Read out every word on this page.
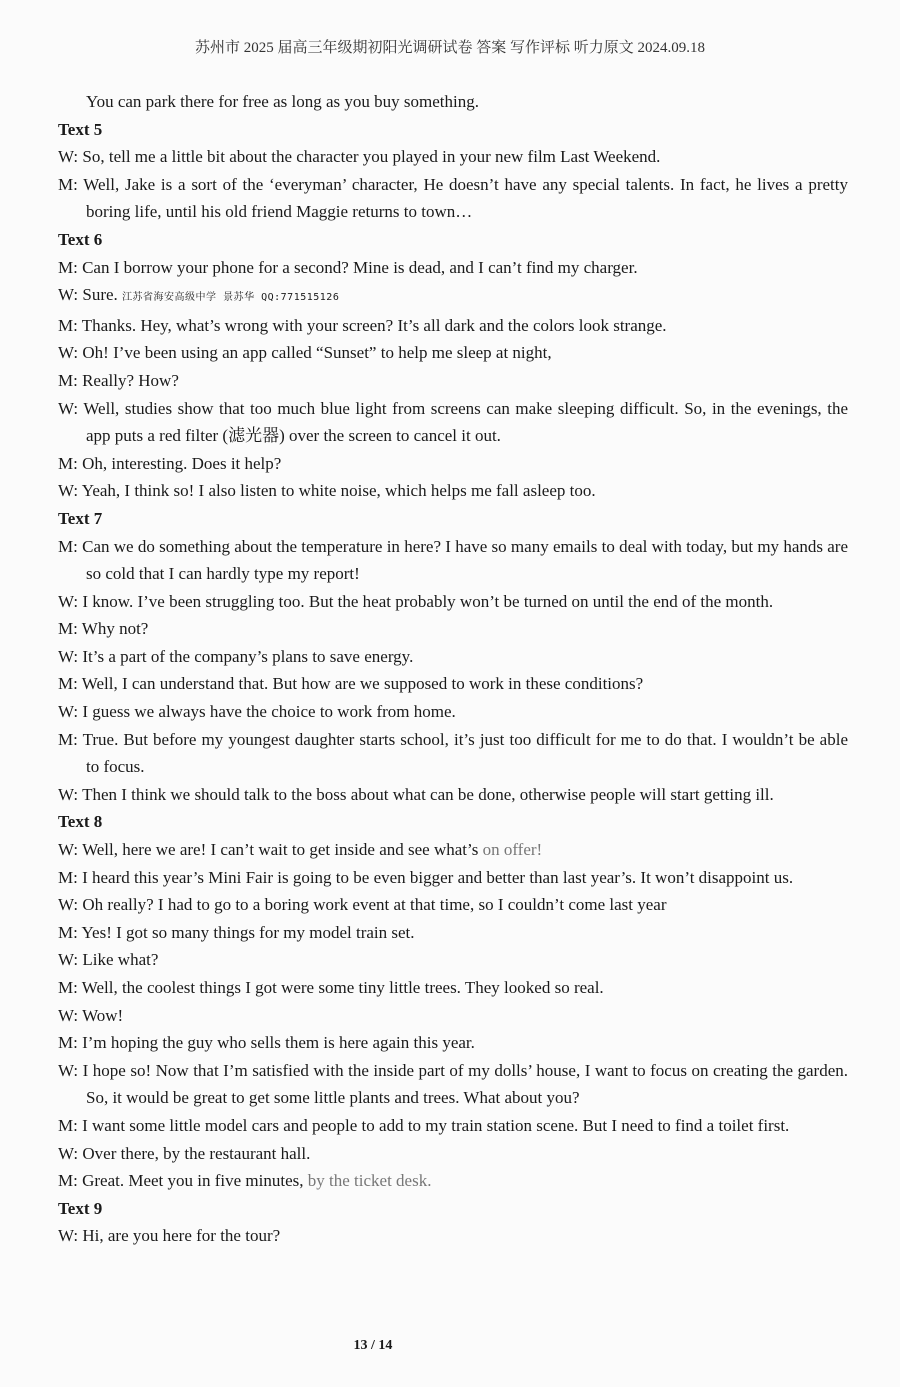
苏州市 2025 届高三年级期初阳光调研试卷 答案 写作评标 听力原文 2024.09.18
You can park there for free as long as you buy something.
Text 5
W: So, tell me a little bit about the character you played in your new film Last Weekend.
M: Well, Jake is a sort of the ‘everyman’ character, He doesn’t have any special talents. In fact, he lives a pretty boring life, until his old friend Maggie returns to town…
Text 6
M: Can I borrow your phone for a second? Mine is dead, and I can’t find my charger.
W: Sure. 江苏省海安高级中学 景苏华 QQ:771515126
M: Thanks. Hey, what’s wrong with your screen? It’s all dark and the colors look strange.
W: Oh! I’ve been using an app called “Sunset” to help me sleep at night,
M: Really? How?
W: Well, studies show that too much blue light from screens can make sleeping difficult. So, in the evenings, the app puts a red filter (滤光器) over the screen to cancel it out.
M: Oh, interesting. Does it help?
W: Yeah, I think so! I also listen to white noise, which helps me fall asleep too.
Text 7
M: Can we do something about the temperature in here? I have so many emails to deal with today, but my hands are so cold that I can hardly type my report!
W: I know. I’ve been struggling too. But the heat probably won’t be turned on until the end of the month.
M: Why not?
W: It’s a part of the company’s plans to save energy.
M: Well, I can understand that. But how are we supposed to work in these conditions?
W: I guess we always have the choice to work from home.
M: True. But before my youngest daughter starts school, it’s just too difficult for me to do that. I wouldn’t be able to focus.
W: Then I think we should talk to the boss about what can be done, otherwise people will start getting ill.
Text 8
W: Well, here we are! I can’t wait to get inside and see what’s on offer!
M: I heard this year’s Mini Fair is going to be even bigger and better than last year’s. It won’t disappoint us.
W: Oh really? I had to go to a boring work event at that time, so I couldn’t come last year
M: Yes! I got so many things for my model train set.
W: Like what?
M: Well, the coolest things I got were some tiny little trees. They looked so real.
W: Wow!
M: I’m hoping the guy who sells them is here again this year.
W: I hope so! Now that I’m satisfied with the inside part of my dolls’ house, I want to focus on creating the garden. So, it would be great to get some little plants and trees. What about you?
M: I want some little model cars and people to add to my train station scene. But I need to find a toilet first.
W: Over there, by the restaurant hall.
M: Great. Meet you in five minutes, by the ticket desk.
Text 9
W: Hi, are you here for the tour?
13 / 14
